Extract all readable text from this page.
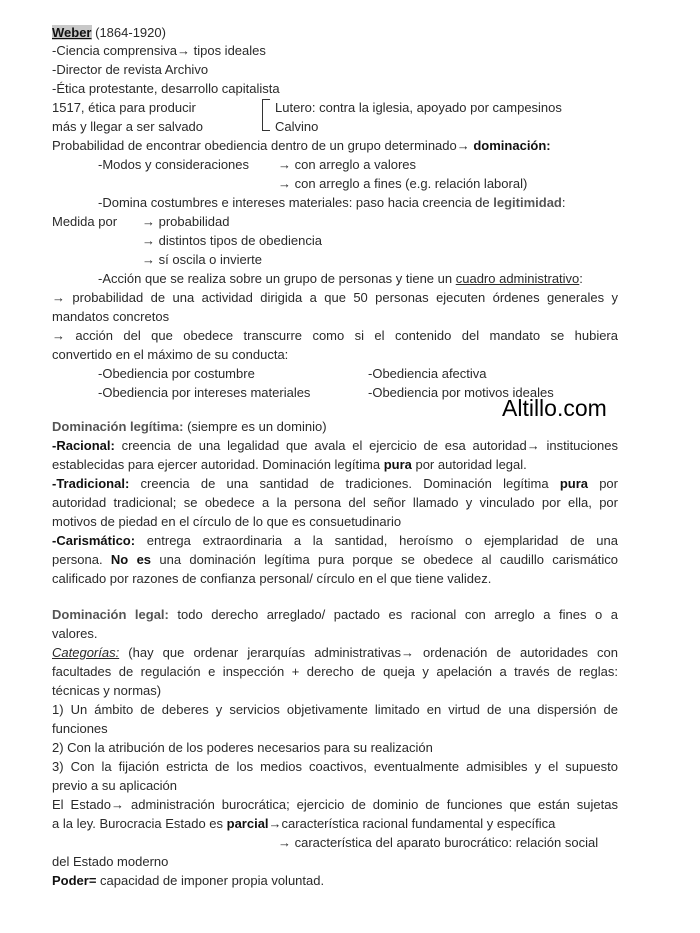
Weber (1864-1920)
-Ciencia comprensiva→ tipos ideales
-Director de revista Archivo
-Ética protestante, desarrollo capitalista
1517, ética para producir
más y llegar a ser salvado
Lutero: contra la iglesia, apoyado por campesinos
Calvino
Probabilidad de encontrar obediencia dentro de un grupo determinado→ dominación:
-Modos y consideraciones → con arreglo a valores
→ con arreglo a fines (e.g. relación laboral)
-Domina costumbres e intereses materiales: paso hacia creencia de legitimidad:
Medida por → probabilidad
→ distintos tipos de obediencia
→ sí oscila o invierte
-Acción que se realiza sobre un grupo de personas y tiene un cuadro administrativo:
→ probabilidad de una actividad dirigida a que 50 personas ejecuten órdenes generales y
mandatos concretos
→ acción del que obedece transcurre como si el contenido del mandato se hubiera
convertido en el máximo de su conducta:
-Obediencia por costumbre	-Obediencia afectiva
-Obediencia por intereses materiales	-Obediencia por motivos ideales
Dominación legítima: (siempre es un dominio)
-Racional: creencia de una legalidad que avala el ejercicio de esa autoridad→ instituciones
establecidas para ejercer autoridad. Dominación legítima pura por autoridad legal.
-Tradicional: creencia de una santidad de tradiciones. Dominación legítima pura por
autoridad tradicional; se obedece a la persona del señor llamado y vinculado por ella, por
motivos de piedad en el círculo de lo que es consuetudinario
-Carismático: entrega extraordinaria a la santidad, heroísmo o ejemplaridad de una
persona. No es una dominación legítima pura porque se obedece al caudillo carismático
calificado por razones de confianza personal/ círculo en el que tiene validez.
Dominación legal: todo derecho arreglado/ pactado es racional con arreglo a fines o a
valores.
Categorías: (hay que ordenar jerarquías administrativas→ ordenación de autoridades con
facultades de regulación e inspección + derecho de queja y apelación a través de reglas:
técnicas y normas)
1) Un ámbito de deberes y servicios objetivamente limitado en virtud de una dispersión de
funciones
2) Con la atribución de los poderes necesarios para su realización
3) Con la fijación estricta de los medios coactivos, eventualmente admisibles y el supuesto
previo a su aplicación
El Estado→ administración burocrática; ejercicio de dominio de funciones que están sujetas
a la ley. Burocracia Estado es parcial→característica racional fundamental y específica
→ característica del aparato burocrático: relación social
del Estado moderno
Poder= capacidad de imponer propia voluntad.
Altillo.com
